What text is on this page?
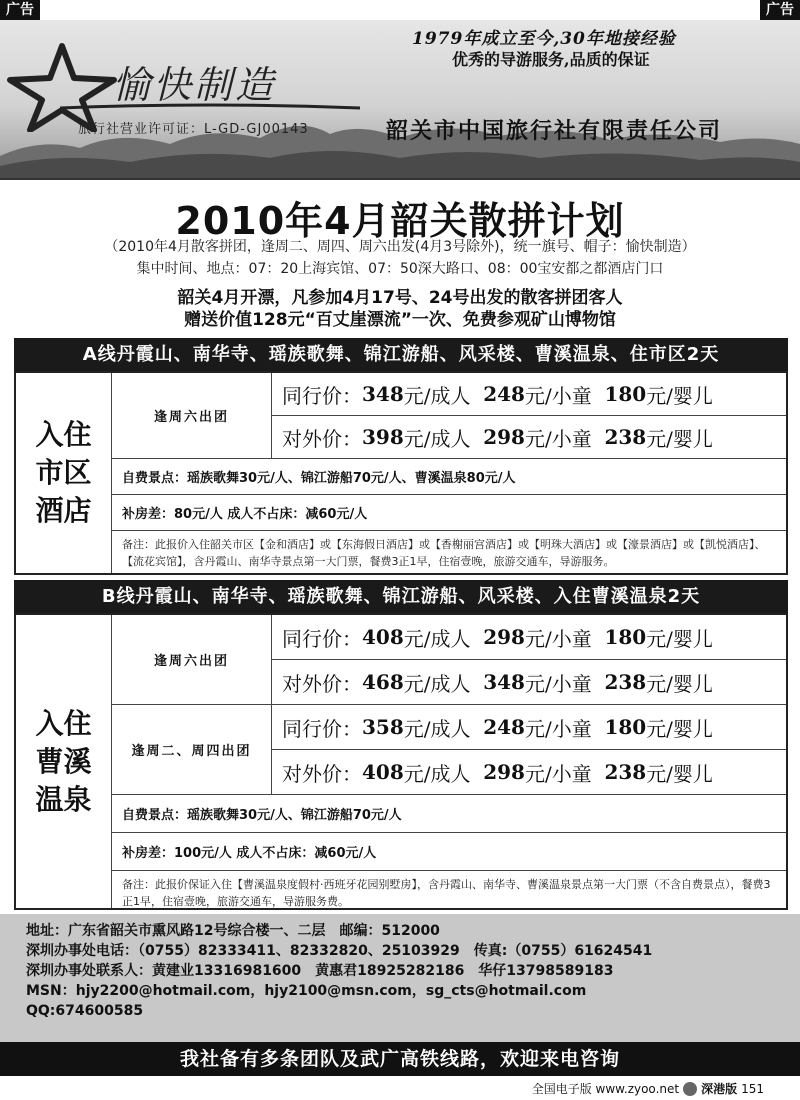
广告	广告
1979年成立至今,30年地接经验
优秀的导游服务,品质的保证
愉快制造
旅行社营业许可证：L-GD-GJ00143	韶关市中国旅行社有限责任公司
2010年4月韶关散拼计划
（2010年4月散客拼团，逢周二、周四、周六出发(4月3号除外)，统一旗号、帽子：愉快制造）
集中时间、地点：07：20上海宾馆、07：50深大路口、08：00宝安都之都酒店门口
韶关4月开漂，凡参加4月17号、24号出发的散客拼团客人
赠送价值128元“百丈崖漂流”一次、免费参观矿山博物馆
A线丹霞山、南华寺、瑶族歌舞、锦江游船、风采楼、曹溪温泉、住市区2天
入住
市区
酒店
逢周六出团
同行价： 348 元/成人
248 元/小童
180 元/婴儿
对外价： 398 元/成人
298 元/小童
238 元/婴儿
自费景点：瑶族歌舞30元/人、锦江游船70元/人、曹溪温泉80元/人
补房差：80元/人 成人不占床：减60元/人
备注：此报价入住韶关市区【金和酒店】或【东海假日酒店】或【香榭丽宫酒店】或【明珠大酒店】或【濠景酒店】或【凯悦酒店】、【流花宾馆】，含丹霞山、南华寺景点第一大门票，餐费3正1早，住宿壹晚，旅游交通车，导游服务。
B线丹霞山、南华寺、瑶族歌舞、锦江游船、风采楼、入住曹溪温泉2天
入住
曹溪
温泉
逢周六出团
同行价： 408 元/成人
298 元/小童
180 元/婴儿
对外价： 468 元/成人
348 元/小童
238 元/婴儿
逢周二、周四出团
同行价： 358 元/成人
248 元/小童
180 元/婴儿
对外价： 408 元/成人
298 元/小童
238 元/婴儿
自费景点：瑶族歌舞30元/人、锦江游船70元/人
补房差：100元/人 成人不占床：减60元/人
备注：此报价保证入住【曹溪温泉度假村·西班牙花园别墅房】，含丹霞山、南华寺、曹溪温泉景点第一大门票（不含自费景点），餐费3正1早，住宿壹晚，旅游交通车，导游服务费。
地址：广东省韶关市熏风路12号综合楼一、二层　邮编：512000
深圳办事处电话：（0755）82333411、82332820、25103929　传真:（0755）61624541
深圳办事处联系人：黄建业13316981600　黄惠君18925282186　华仔13798589183
MSN：hjy2200@hotmail.com，hjy2100@msn.com，sg_cts@hotmail.com
QQ:674600585
我社备有多条团队及武广高铁线路，欢迎来电咨询
全国电子版 www.zyoo.net 深港版 151
